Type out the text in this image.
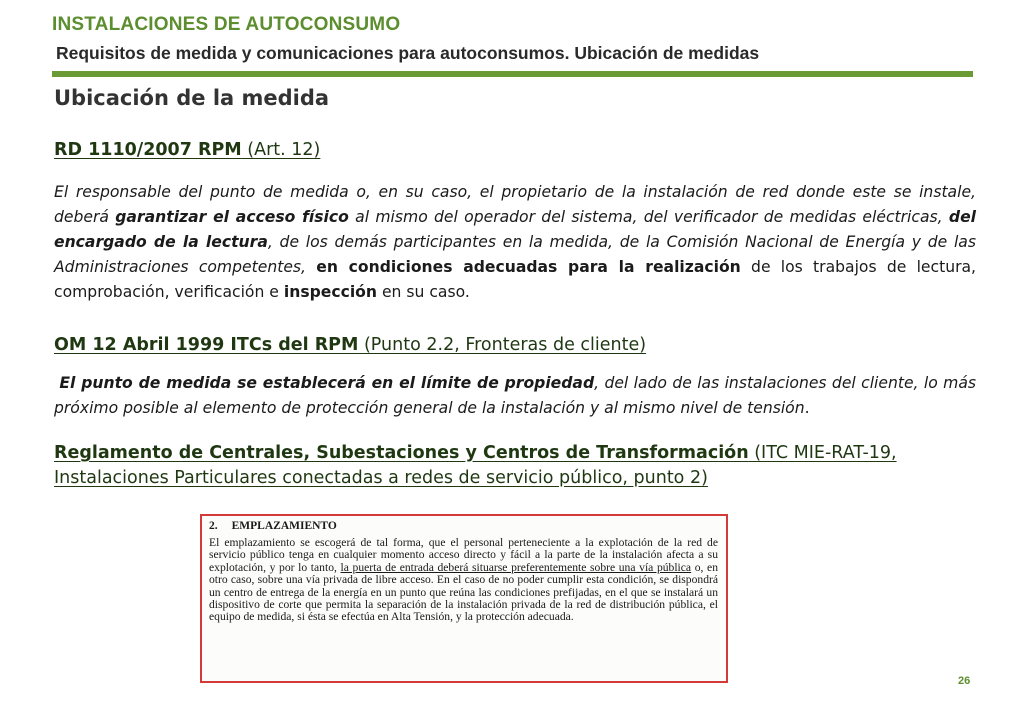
INSTALACIONES DE AUTOCONSUMO
Requisitos de medida y comunicaciones para autoconsumos. Ubicación de medidas
Ubicación de la medida
RD 1110/2007 RPM (Art. 12)
El responsable del punto de medida o, en su caso, el propietario de la instalación de red donde este se instale, deberá garantizar el acceso físico al mismo del operador del sistema, del verificador de medidas eléctricas, del encargado de la lectura, de los demás participantes en la medida, de la Comisión Nacional de Energía y de las Administraciones competentes, en condiciones adecuadas para la realización de los trabajos de lectura, comprobación, verificación e inspección en su caso.
OM 12 Abril 1999 ITCs del RPM (Punto 2.2, Fronteras de cliente)
El punto de medida se establecerá en el límite de propiedad, del lado de las instalaciones del cliente, lo más próximo posible al elemento de protección general de la instalación y al mismo nivel de tensión.
Reglamento de Centrales, Subestaciones y Centros de Transformación (ITC MIE-RAT-19, Instalaciones Particulares conectadas a redes de servicio público, punto 2)
2. EMPLAZAMIENTO
El emplazamiento se escogerá de tal forma, que el personal perteneciente a la explotación de la red de servicio público tenga en cualquier momento acceso directo y fácil a la parte de la instalación afecta a su explotación, y por lo tanto, la puerta de entrada deberá situarse preferentemente sobre una vía pública o, en otro caso, sobre una vía privada de libre acceso. En el caso de no poder cumplir esta condición, se dispondrá un centro de entrega de la energía en un punto que reúna las condiciones prefijadas, en el que se instalará un dispositivo de corte que permita la separación de la instalación privada de la red de distribución pública, el equipo de medida, si ésta se efectúa en Alta Tensión, y la protección adecuada.
26
